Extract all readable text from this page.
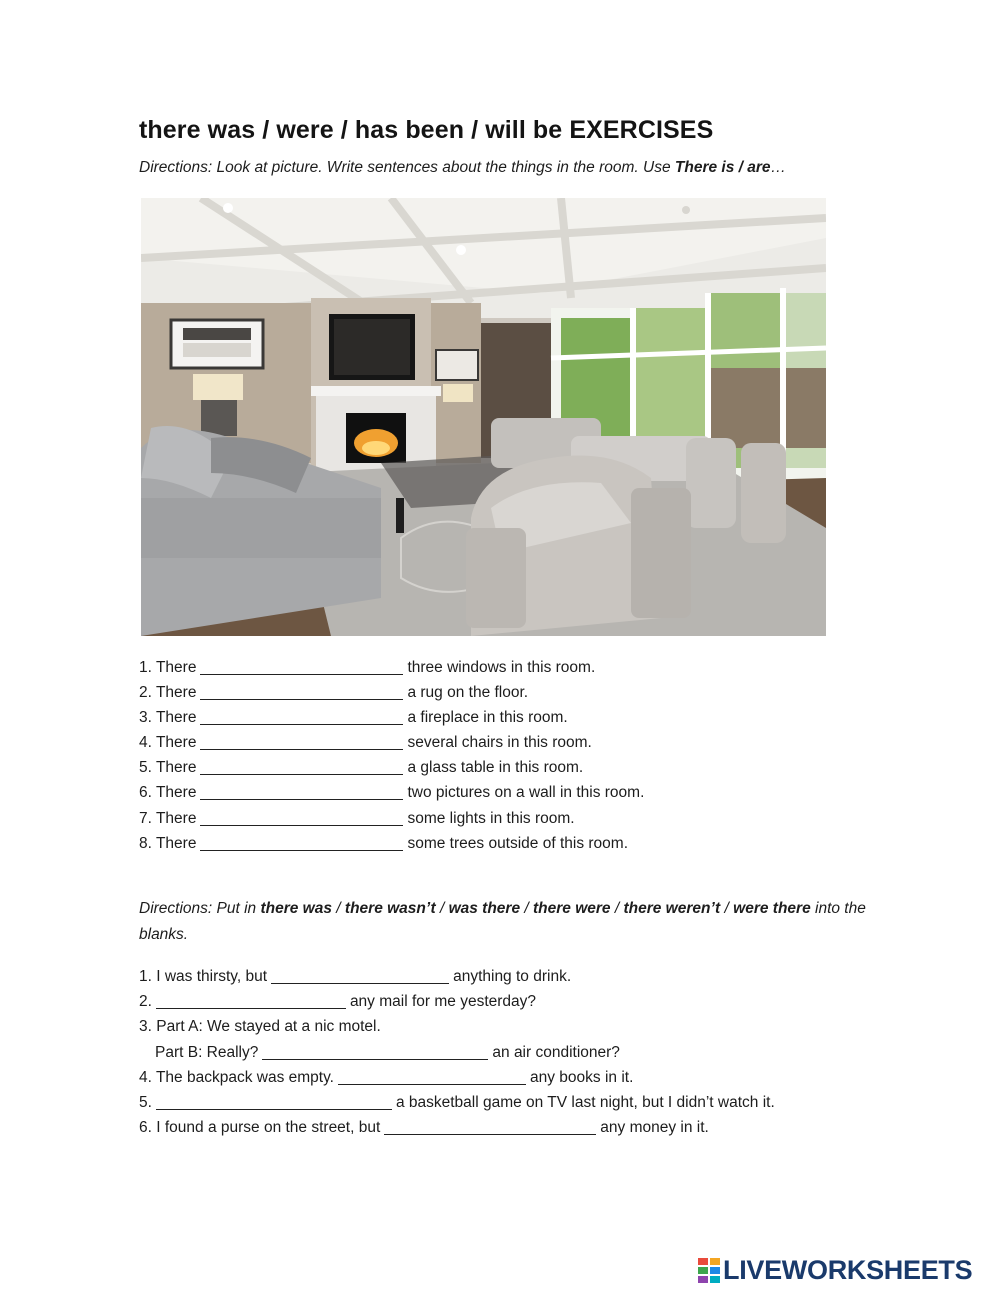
there was / were / has been / will be EXERCISES

Directions: Look at picture. Write sentences about the things in the room. Use There is / are…

1. There	three windows in this room.
2. There	a rug on the floor.
3. There	a fireplace in this room.
4. There	several chairs in this room.
5. There	a glass table in this room.
6. There	two pictures on a wall in this room.
7. There	some lights in this room.
8. There	some trees outside of this room.

Directions: Put in there was / there wasn’t / was there / there were / there weren’t / were there into the blanks.

1. I was thirsty, but	anything to drink.
2.	any mail for me yesterday?
3. Part A: We stayed at a nic motel.
Part B: Really?	an air conditioner?
4. The backpack was empty.	any books in it.
5.	a basketball game on TV last night, but I didn’t watch it.
6. I found a purse on the street, but	any money in it.
LIVEWORKSHEETS
